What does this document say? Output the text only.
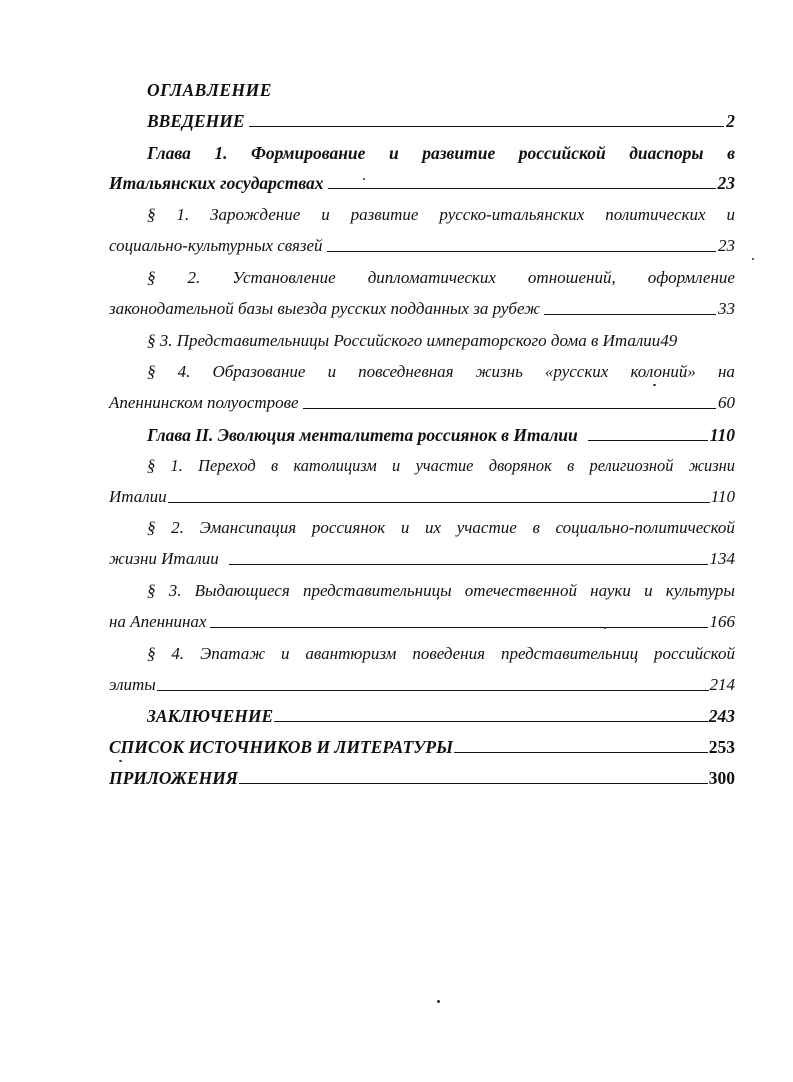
ОГЛАВЛЕНИЕ
ВВЕДЕНИЕ	2
Глава 1. Формирование и развитие российской диаспоры в
Итальянских государствах	23
§ 1. Зарождение и развитие русско-итальянских политических и
социально-культурных связей	23
§ 2. Установление дипломатических отношений, оформление
законодательной базы выезда русских подданных за рубеж	33
§ 3. Представительницы Российского императорского дома в Италии49
§ 4. Образование и повседневная жизнь «русских колоний» на
Апеннинском полуострове	60
Глава II. Эволюция менталитета россиянок в Италии	110
§ 1. Переход в католицизм и участие дворянок в религиозной жизни
Италии	110
§ 2. Эмансипация россиянок и их участие в социально-политической
жизни Италии	134
§ 3. Выдающиеся представительницы отечественной науки и культуры
на Апеннинах	166
§ 4. Эпатаж и авантюризм поведения представительниц российской
элиты	214
ЗАКЛЮЧЕНИЕ	243
СПИСОК ИСТОЧНИКОВ И ЛИТЕРАТУРЫ	253
ПРИЛОЖЕНИЯ	300
